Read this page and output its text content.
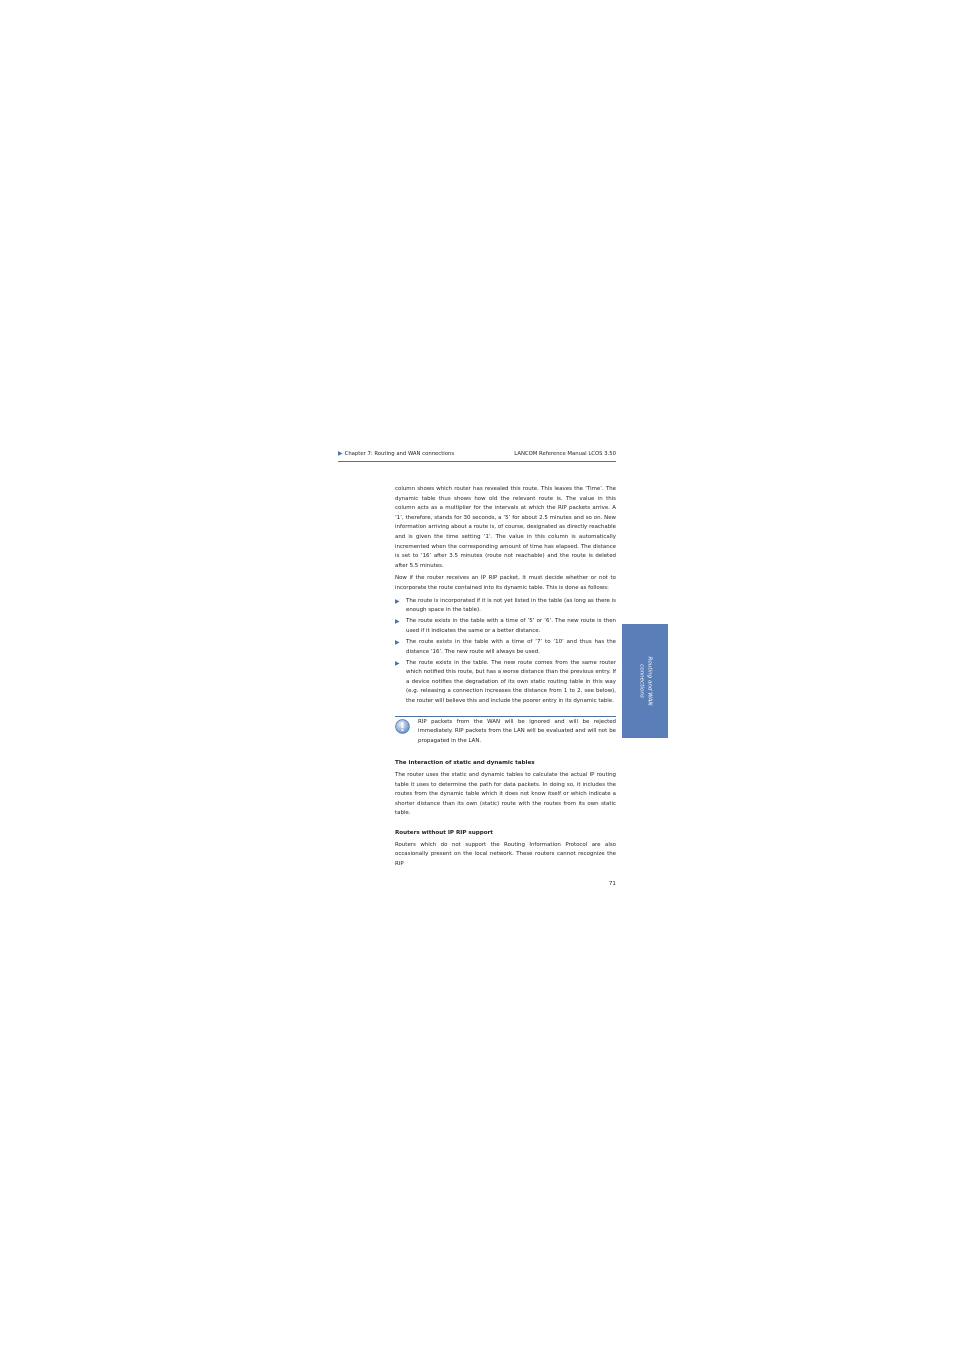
▶ Chapter 7: Routing and WAN connections	LANCOM Reference Manual LCOS 3.50
Routing and WAN
connections

column shows which router has revealed this route. This leaves the ‘Time’. The dynamic table thus shows how old the relevant route is. The value in this column acts as a multiplier for the intervals at which the RIP packets arrive. A ‘1’, therefore, stands for 30 seconds, a ‘5’ for about 2.5 minutes and so on. New information arriving about a route is, of course, designated as directly reachable and is given the time setting ‘1’. The value in this column is automatically incremented when the corresponding amount of time has elapsed. The distance is set to ‘16’ after 3.5 minutes (route not reachable) and the route is deleted after 5.5 minutes.

Now if the router receives an IP RIP packet, it must decide whether or not to incorporate the route contained into its dynamic table. This is done as follows:

▶ The route is incorporated if it is not yet listed in the table (as long as there is enough space in the table).
▶ The route exists in the table with a time of ‘5’ or ‘6’. The new route is then used if it indicates the same or a better distance.
▶ The route exists in the table with a time of ‘7’ to ‘10’ and thus has the distance ‘16’. The new route will always be used.
▶ The route exists in the table. The new route comes from the same router which notified this route, but has a worse distance than the previous entry. If a device notifies the degradation of its own static routing table in this way (e.g. releasing a connection increases the distance from 1 to 2, see below), the router will believe this and include the poorer entry in its dynamic table.

RIP packets from the WAN will be ignored and will be rejected immediately. RIP packets from the LAN will be evaluated and will not be propagated in the LAN.

The interaction of static and dynamic tables

The router uses the static and dynamic tables to calculate the actual IP routing table it uses to determine the path for data packets. In doing so, it includes the routes from the dynamic table which it does not know itself or which indicate a shorter distance than its own (static) route with the routes from its own static table.

Routers without IP RIP support

Routers which do not support the Routing Information Protocol are also occasionally present on the local network. These routers cannot recognize the RIP

71
